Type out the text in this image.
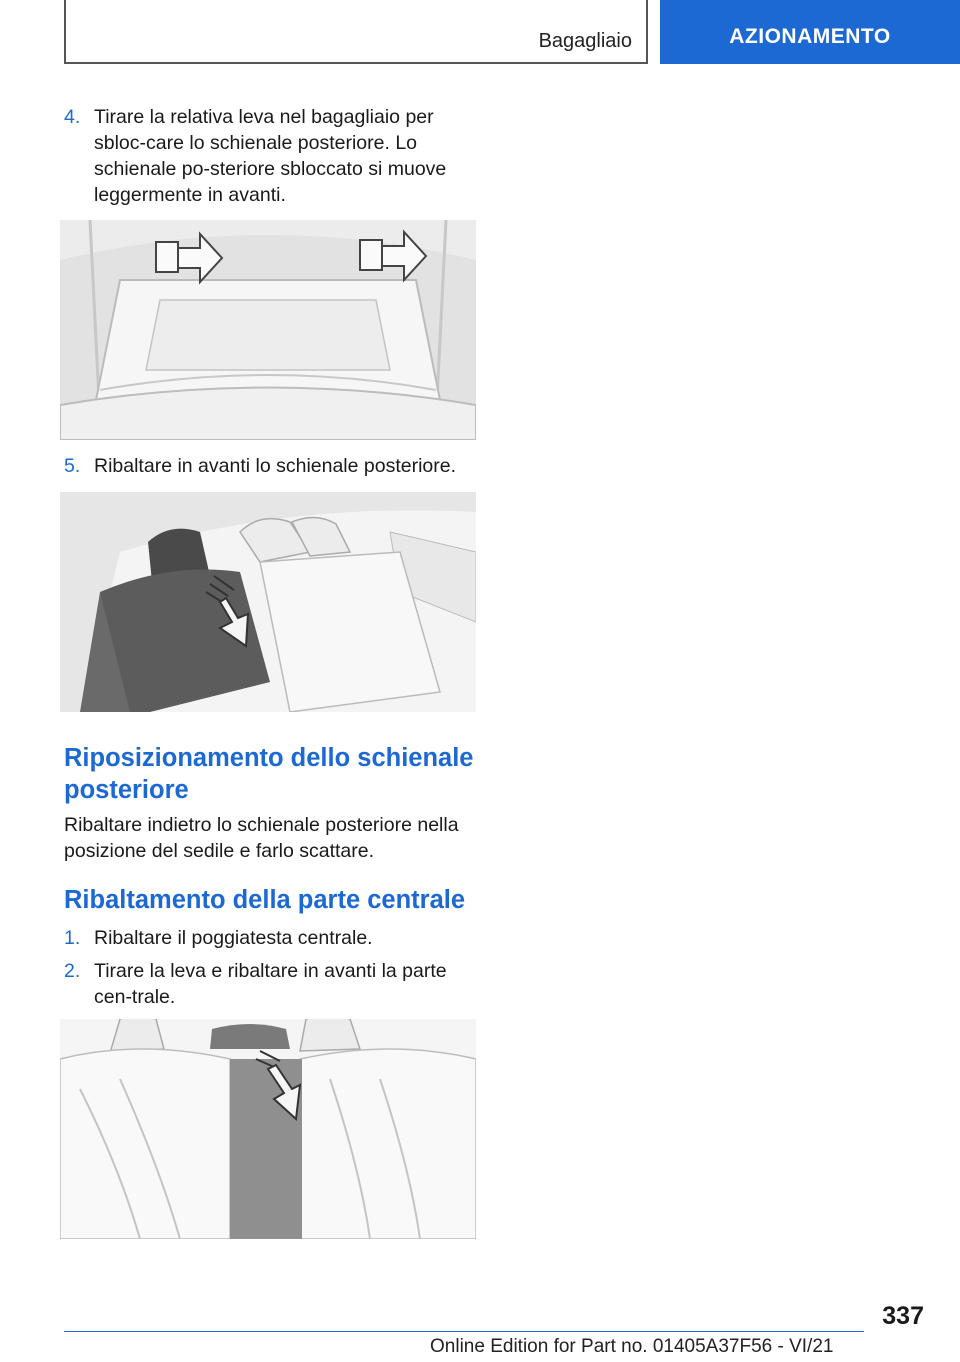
Bagagliaio	AZIONAMENTO
4. Tirare la relativa leva nel bagagliaio per sbloc-care lo schienale posteriore. Lo schienale po-steriore sbloccato si muove leggermente in avanti.
5. Ribaltare in avanti lo schienale posteriore.
Riposizionamento dello schienale posteriore

Ribaltare indietro lo schienale posteriore nella posizione del sedile e farlo scattare.

Ribaltamento della parte centrale
1. Ribaltare il poggiatesta centrale.
2. Tirare la leva e ribaltare in avanti la parte cen-trale.
337
Online Edition for Part no. 01405A37F56 - VI/21
